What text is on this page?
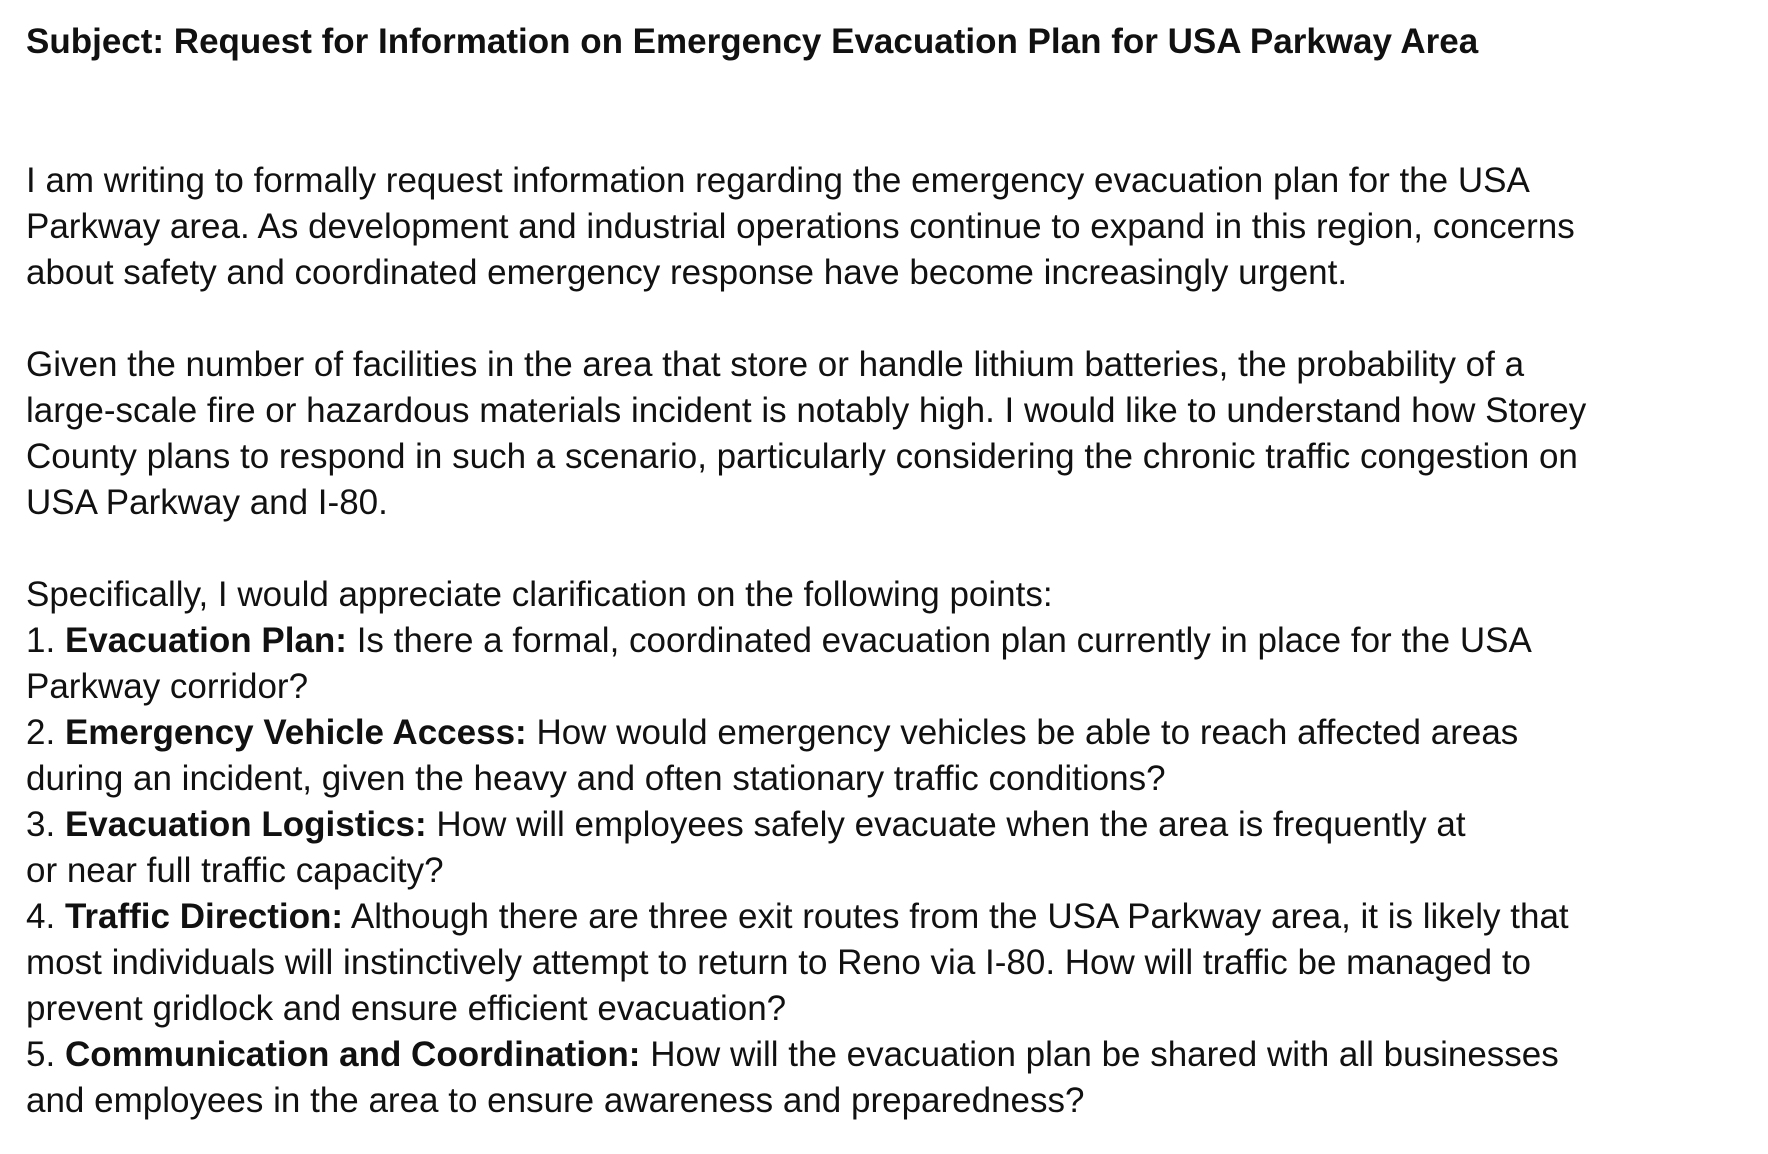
Subject: Request for Information on Emergency Evacuation Plan for USA Parkway Area

I am writing to formally request information regarding the emergency evacuation plan for the USA
Parkway area. As development and industrial operations continue to expand in this region, concerns
about safety and coordinated emergency response have become increasingly urgent.

Given the number of facilities in the area that store or handle lithium batteries, the probability of a
large-scale fire or hazardous materials incident is notably high. I would like to understand how Storey
County plans to respond in such a scenario, particularly considering the chronic traffic congestion on
USA Parkway and I-80.

Specifically, I would appreciate clarification on the following points:

1. Evacuation Plan: Is there a formal, coordinated evacuation plan currently in place for the USA
Parkway corridor?
2. Emergency Vehicle Access: How would emergency vehicles be able to reach affected areas
during an incident, given the heavy and often stationary traffic conditions?
3. Evacuation Logistics: How will employees safely evacuate when the area is frequently at
or near full traffic capacity?
4. Traffic Direction: Although there are three exit routes from the USA Parkway area, it is likely that
most individuals will instinctively attempt to return to Reno via I-80. How will traffic be managed to
prevent gridlock and ensure efficient evacuation?
5. Communication and Coordination: How will the evacuation plan be shared with all businesses
and employees in the area to ensure awareness and preparedness?
